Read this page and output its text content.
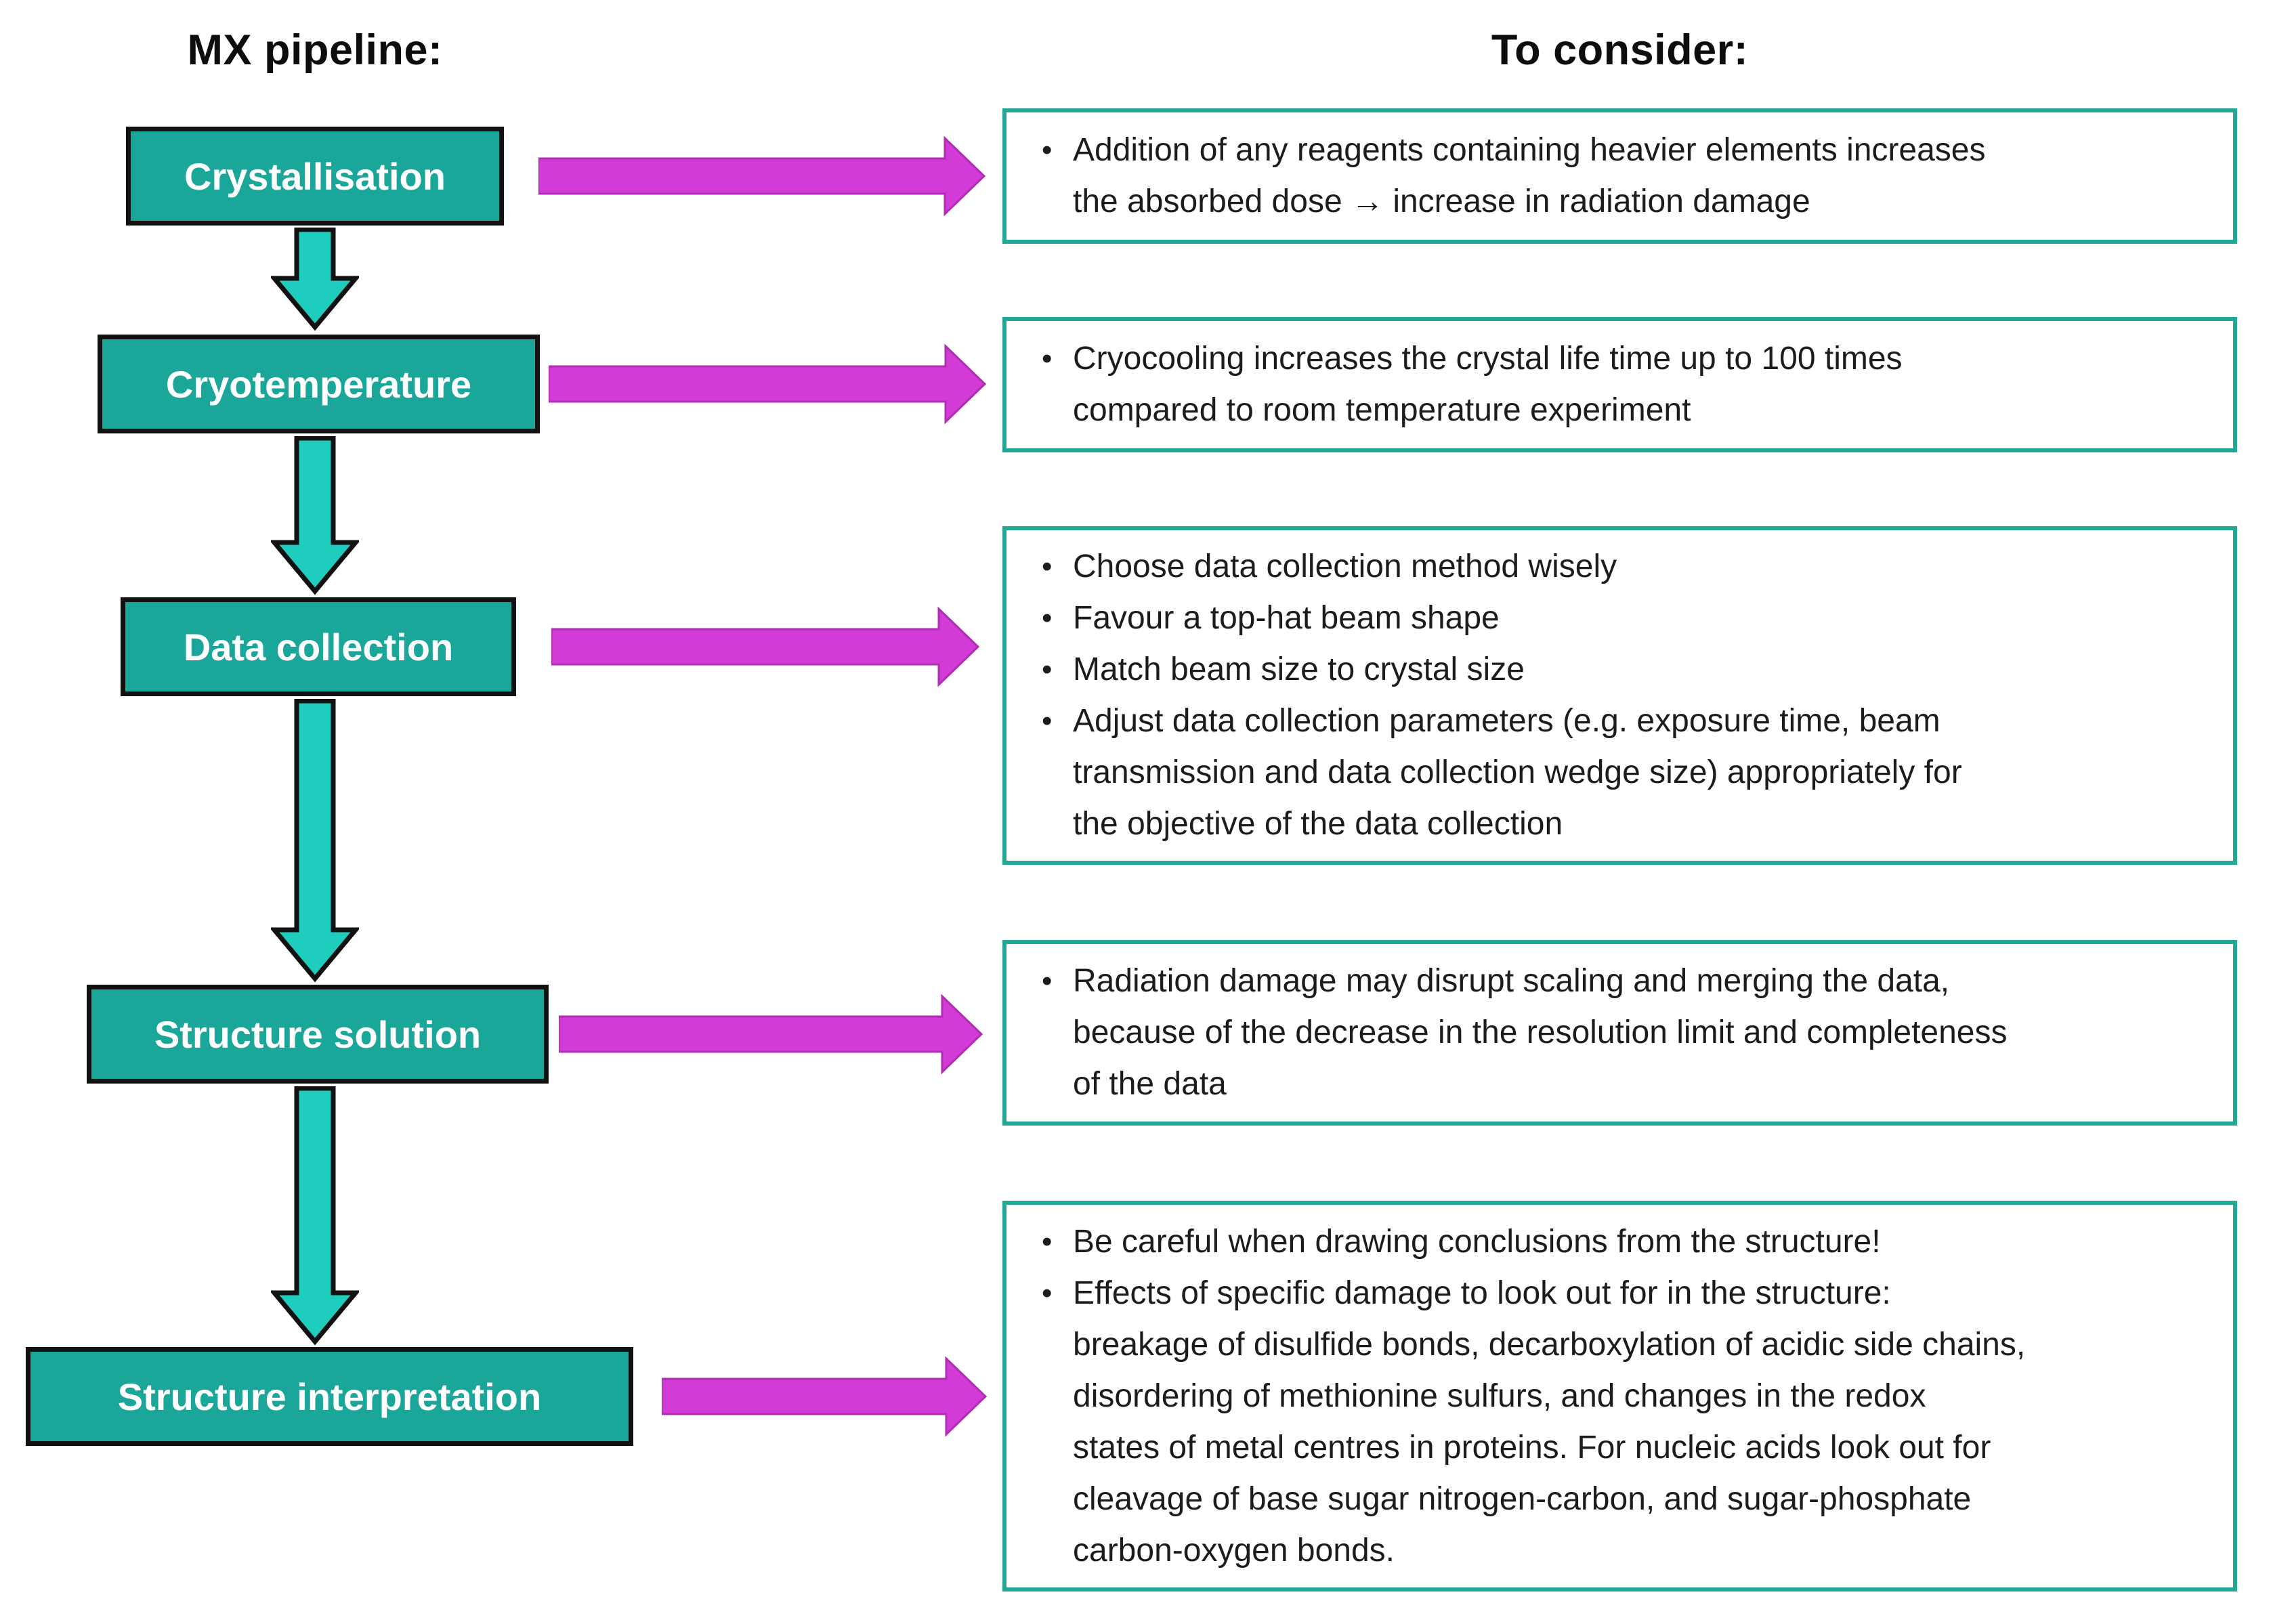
MX pipeline:	To consider:
Crystallisation
Cryotemperature
Data collection
Structure solution
Structure interpretation
• Addition of any reagents containing heavier elements increases
the absorbed dose → increase in radiation damage
• Cryocooling increases the crystal life time up to 100 times
compared to room temperature experiment
• Choose data collection method wisely
• Favour a top-hat beam shape
• Match beam size to crystal size
• Adjust data collection parameters (e.g. exposure time, beam
transmission and data collection wedge size) appropriately for
the objective of the data collection
• Radiation damage may disrupt scaling and merging the data,
because of the decrease in the resolution limit and completeness
of the data
• Be careful when drawing conclusions from the structure!
• Effects of specific damage to look out for in the structure:
breakage of disulfide bonds, decarboxylation of acidic side chains,
disordering of methionine sulfurs, and changes in the redox
states of metal centres in proteins. For nucleic acids look out for
cleavage of base sugar nitrogen-carbon, and sugar-phosphate
carbon-oxygen bonds.
